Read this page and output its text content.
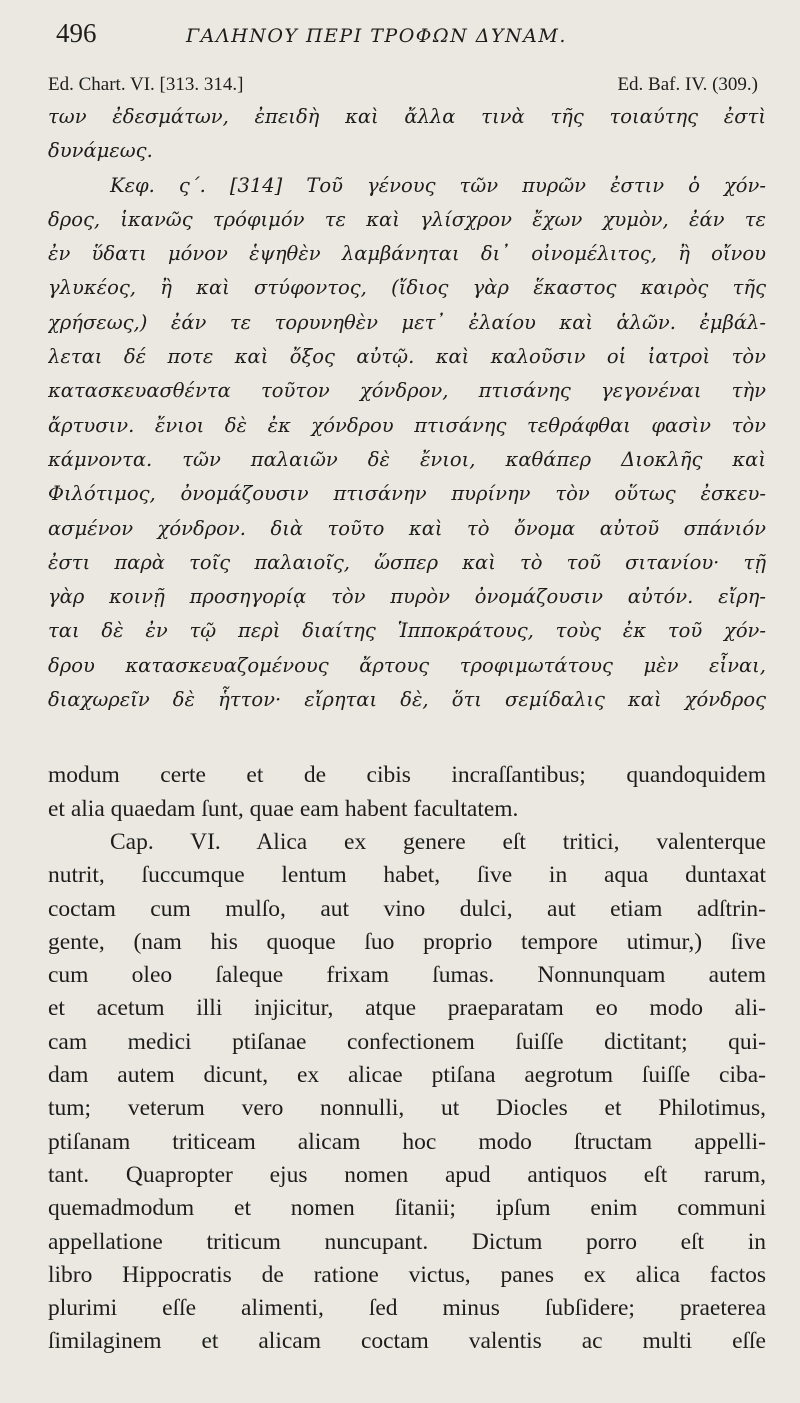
496	ΓΑΛΗΝΟΥ ΠΕΡΙ ΤΡΟΦΩΝ ΔΥΝΑΜ.
Ed. Chart. VI. [313. 314.]	Ed. Baf. IV. (309.)
των ἐδεσμάτων, ἐπειδὴ καὶ ἄλλα τινὰ τῆς τοιαύτης ἐστὶ
δυνάμεως.
Κεφ. ς΄. [314] Τοῦ γένους τῶν πυρῶν ἐστιν ὁ χόν-
δρος, ἱκανῶς τρόφιμόν τε καὶ γλίσχρον ἔχων χυμὸν, ἐάν τε
ἐν ὕδατι μόνον ἑψηθὲν λαμβάνηται δι᾽ οἰνομέλιτος, ἢ οἴνου
γλυκέος, ἢ καὶ στύφοντος, (ἴδιος γὰρ ἕκαστος καιρὸς τῆς
χρήσεως,) ἐάν τε τορυνηθὲν μετ᾽ ἐλαίου καὶ ἁλῶν. ἐμβάλ-
λεται δέ ποτε καὶ ὄξος αὐτῷ. καὶ καλοῦσιν οἱ ἰατροὶ τὸν
κατασκευασθέντα τοῦτον χόνδρον, πτισάνης γεγονέναι τὴν
ἄρτυσιν. ἔνιοι δὲ ἐκ χόνδρου πτισάνης τεθράφθαι φασὶν τὸν
κάμνοντα. τῶν παλαιῶν δὲ ἔνιοι, καθάπερ Διοκλῆς καὶ
Φιλότιμος, ὀνομάζουσιν πτισάνην πυρίνην τὸν οὕτως ἐσκευ-
ασμένον χόνδρον. διὰ τοῦτο καὶ τὸ ὄνομα αὐτοῦ σπάνιόν
ἐστι παρὰ τοῖς παλαιοῖς, ὥσπερ καὶ τὸ τοῦ σιτανίου· τῇ
γὰρ κοινῇ προσηγορίᾳ τὸν πυρὸν ὀνομάζουσιν αὐτόν. εἴρη-
ται δὲ ἐν τῷ περὶ διαίτης Ἱπποκράτους, τοὺς ἐκ τοῦ χόν-
δρου κατασκευαζομένους ἄρτους τροφιμωτάτους μὲν εἶναι,
διαχωρεῖν δὲ ἧττον· εἴρηται δὲ, ὅτι σεμίδαλις καὶ χόνδρος
modum certe et de cibis incraſſantibus; quandoquidem
et alia quaedam ſunt, quae eam habent facultatem.
Cap. VI. Alica ex genere eſt tritici, valenterque
nutrit, ſuccumque lentum habet, ſive in aqua duntaxat
coctam cum mulſo, aut vino dulci, aut etiam adſtrin-
gente, (nam his quoque ſuo proprio tempore utimur,) ſive
cum oleo ſaleque frixam ſumas. Nonnunquam autem
et acetum illi injicitur, atque praeparatam eo modo ali-
cam medici ptiſanae confectionem ſuiſſe dictitant; qui-
dam autem dicunt, ex alicae ptiſana aegrotum ſuiſſe ciba-
tum; veterum vero nonnulli, ut Diocles et Philotimus,
ptiſanam triticeam alicam hoc modo ſtructam appelli-
tant. Quapropter ejus nomen apud antiquos eſt rarum,
quemadmodum et nomen ſitanii; ipſum enim communi
appellatione triticum nuncupant. Dictum porro eſt in
libro Hippocratis de ratione victus, panes ex alica factos
plurimi eſſe alimenti, ſed minus ſubſidere; praeterea
ſimilaginem et alicam coctam valentis ac multi eſſe
